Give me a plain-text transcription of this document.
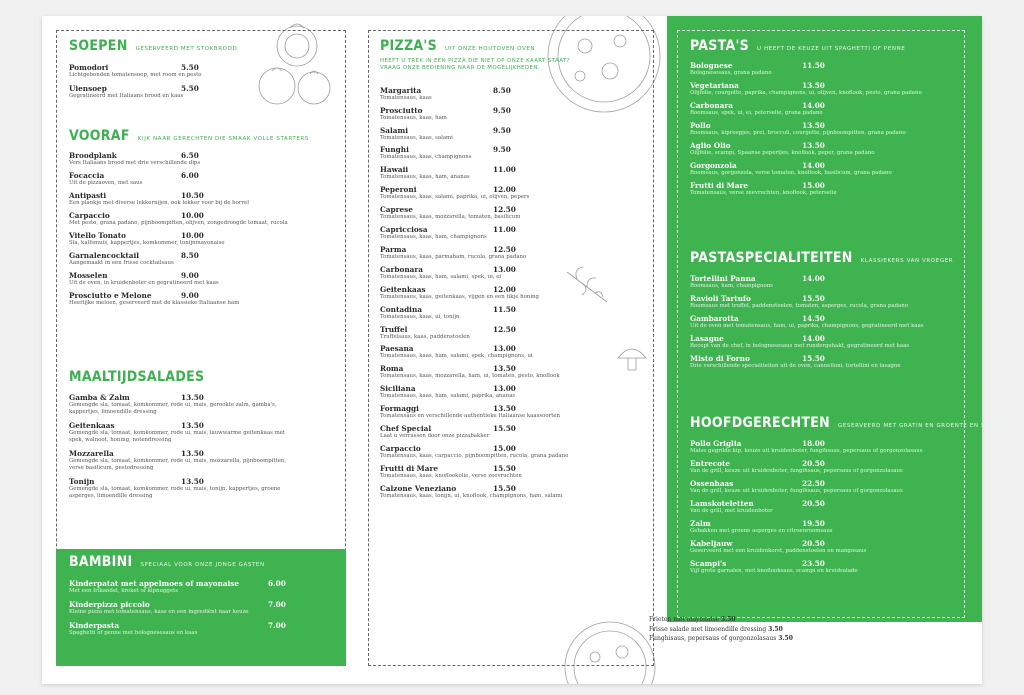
SOEPEN GESERVEERD MET STOKBROOD
Pomodori	5.50
Lichtgebonden tomatensoep, met room en pesto
Uiensoep	5.50
Gegratineerd met Italiaans brood en kaas
VOORAF KIJK NAAR GERECHTEN DIE SMAAK VOLLE STARTERS
Broodplank	6.50
Vers Italiaans brood met drie verschillende dips
Focaccia	6.00
Uit de pizzaoven, met saus
Antipasti	10.50
Een plankje met diverse lekkernijen, ook lekker voor bij de borrel
Carpaccio	10.00
Met pesto, grana padano, pijnboompitten, olijven, zongedroogde tomaat, rucola
Vitello Tonato	10.00
Sla, kalfsmuis, kappertjes, komkommer, tonijnmayonaise
Garnalencocktail	8.50
Aangemaakt in een frisse cocktailsaus
Mosselen	9.00
Uit de oven, in kruidenboter en gegratineerd met kaas
Prosciutto e Melone	9.00
Heerlijke meloen, geserveerd met de klassieke Italiaanse ham
MAALTIJDSALADES
Gamba & Zalm	13.50
Gemengde sla, tomaat, komkommer, rode ui, mais, gerookte zalm, gamba's,
kappertjes, limoendille dressing
Geitenkaas	13.50
Gemengde sla, tomaat, komkommer, rode ui, mais, lauwwarme geitenkaas met
spek, walnoot, honing, notendressing
Mozzarella	13.50
Gemengde sla, tomaat, komkommer, rode ui, mais, mozzarella, pijnboompitten,
verse basilicum, pestodressing
Tonijn	13.50
Gemengde sla, tomaat, komkommer, rode ui, mais, tonijn, kappertjes, groene
asperges, limoendille dressing
BAMBINI SPECIAAL VOOR ONZE JONGE GASTEN
Kinderpatat met appelmoes of mayonaise	6.00
Met een frikandel, kroket of kipnuggets
Kinderpizza piccolo	7.00
Kleine pizza met tomatensaus, kaas en een ingrediënt naar keuze
Kinderpasta	7.00
Spaghetti of penne met bolognesesaus en kaas
PIZZA'S UIT ONZE HOUTOVEN OVEN
HEEFT U TREK IN EEN PIZZA DIE NIET OP ONZE KAART STAAT?
VRAAG ONZE BEDIENING NAAR DE MOGELIJKHEDEN.
Margarita	8.50
Tomatensaus, kaas
Prosciutto	9.50
Tomatensaus, kaas, ham
Salami	9.50
Tomatensaus, kaas, salami
Funghi	9.50
Tomatensaus, kaas, champignons
Hawaii	11.00
Tomatensaus, kaas, ham, ananas
Peperoni	12.00
Tomatensaus, kaas, salami, paprika, ui, olijven, pepers
Caprese	12.50
Tomatensaus, kaas, mozzarella, tomaten, basilicum
Capricciosa	11.00
Tomatensaus, kaas, ham, champignons
Parma	12.50
Tomatensaus, kaas, parmaham, rucola, grana padano
Carbonara	13.00
Tomatensaus, kaas, ham, salami, spek, ui, ei
Geitenkaas	12.00
Tomatensaus, kaas, geitenkaas, vijgen en een tikje honing
Contadina	11.50
Tomatensaus, kaas, ui, tonijn
Truffel	12.50
Truffelsaus, kaas, paddenstoelen
Paesana	13.00
Tomatensaus, kaas, ham, salami, spek, champignons, ui
Roma	13.50
Tomatensaus, kaas, mozzarella, ham, ui, tomaten, pesto, knoflook
Siciliana	13.00
Tomatensaus, kaas, ham, salami, paprika, ananas
Formaggi	13.50
Tomatensaus en verschillende authentieke Italiaanse kaassoorten
Chef Special	15.50
Laat u verrassen door onze pizzabakker
Carpaccio	15.00
Tomatensaus, kaas, carpaccio, pijnboompitten, rucola, grana padano
Frutti di Mare	15.50
Tomatensaus, kaas, knoflookolie, verse zeevruchten
Calzone Veneziano	15.50
Tomatensaus, kaas, tonijn, ui, knoflook, champignons, ham, salami
PASTA'S U HEEFT DE KEUZE UIT SPAGHETTI OF PENNE
Bolognese	11.50
Bolognesesaus, grana padano
Vegetariana	13.50
Olijfolie, courgette, paprika, champignons, ui, olijven, knoflook, pesto, grana padano
Carbonara	14.00
Roomsaus, spek, ui, ei, peterselie, grana padano
Pollo	13.50
Roomsaus, kipreepjes, prei, broccoli, courgette, pijnboompitten, grana padano
Aglio Olio	13.50
Olijfolie, scampi, Spaanse pepertjes, knoflook, peper, grana padano
Gorgonzola	14.00
Roomsaus, gorgonzola, verse tomaten, knoflook, basilicum, grana padano
Frutti di Mare	15.00
Tomatensaus, verse zeevruchten, knoflook, peterselie
PASTASPECIALITEITEN KLASSIEKERS VAN VROEGER
Tortellini Panna	14.00
Roomsaus, ham, champignons
Ravioli Tartufo	15.50
Roomsaus met truffel, paddenstoelen, tomaten, asperges, rucola, grana padano
Gambarotta	14.50
Uit de oven met tomatensaus, ham, ui, paprika, champignons, gegratineerd met kaas
Lasagne	14.00
Recept van de chef, in bolognesesaus met rundergehakt, gegratineerd met kaas
Misto di Forno	15.50
Drie verschillende specialiteiten uit de oven, cannelloni, tortellini en lasagne
HOOFDGERECHTEN GESERVEERD MET GRATIN EN GROENTE EN SALADE
Pollo Griglia	18.00
Malse gegrilde kip, keuze uit kruidenboter, fungihsaus, pepersaus of gorgonzolasaus
Entrecote	20.50
Van de grill, keuze uit kruidenboter, fungihsaus, pepersaus of gorgonzolasaus
Ossenhaas	22.50
Van de grill, keuze uit kruidenboter, fungihsaus, pepersaus of gorgonzolasaus
Lamskoteletten	20.50
Van de grill, met kruidenboter
Zalm	19.50
Gebakken met groene asperges en citroenroomsaus
Kabeljauw	20.50
Geserveerd met een kruidenkorst, paddenstoelen en mangosaus
Scampi's	23.50
Vijf grote garnalen, met knoflooksaus, scampi en kruidsalade
Frieten met mayonaise 3.50
Frisse salade met limoendille dressing 3.50
Funghisaus, pepersaus of gorgonzolasaus 3.50
